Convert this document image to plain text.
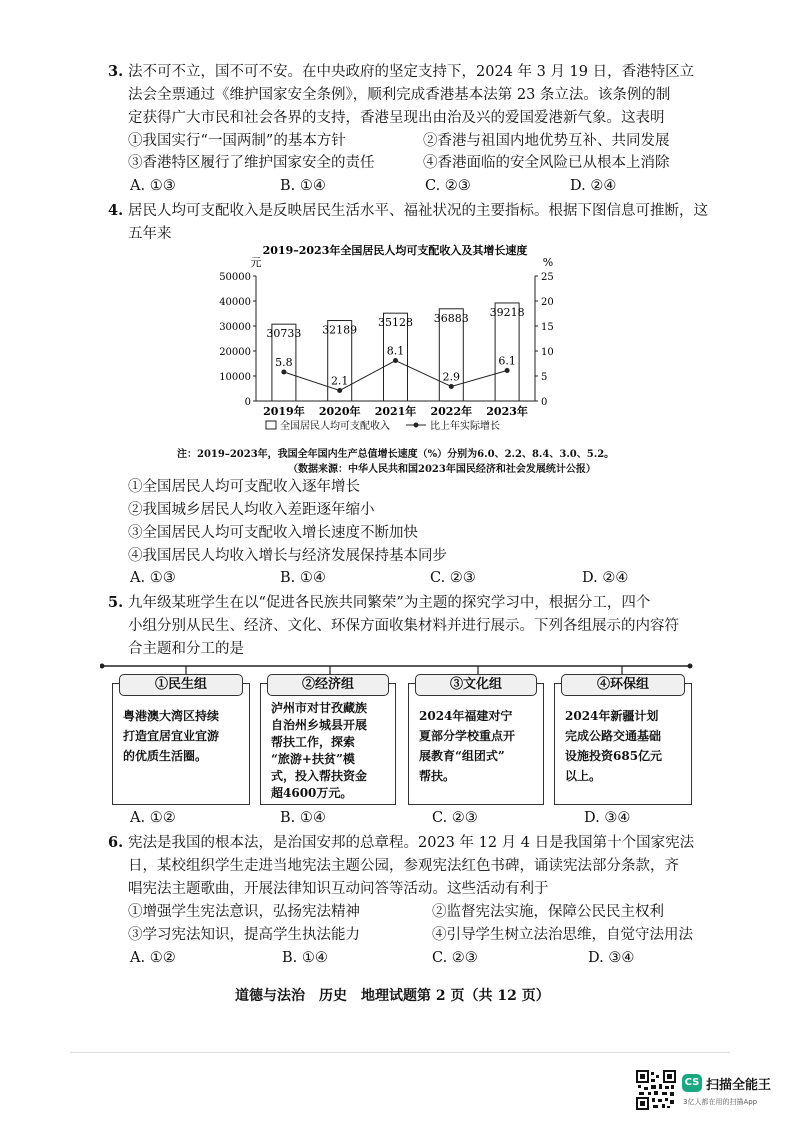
3. 法不可不立，国不可不安。在中央政府的坚定支持下，2024 年 3 月 19 日，香港特区立
法会全票通过《维护国家安全条例》，顺利完成香港基本法第 23 条立法。该条例的制
定获得广大市民和社会各界的支持，香港呈现出由治及兴的爱国爱港新气象。这表明
①我国实行“一国两制”的基本方针	②香港与祖国内地优势互补、共同发展
③香港特区履行了维护国家安全的责任	④香港面临的安全风险已从根本上消除
A. ①③	B. ①④	C. ②③	D. ②④
4. 居民人均可支配收入是反映居民生活水平、福祉状况的主要指标。根据下图信息可推断，这
五年来
2019–2023年全国居民人均可支配收入及其增长速度
元	%
0
10000
20000
30000
40000
50000
0
5
10
15
20
25
30733 32189
35128 36883 39218
5.8
2.1
8.1
2.9
6.1
2019年 2020年 2021年 2022年 2023年
全国居民人均可支配收入	比上年实际增长
注：2019–2023年，我国全年国内生产总值增长速度（%）分别为6.0、2.2、8.4、3.0、5.2。
（数据来源：中华人民共和国2023年国民经济和社会发展统计公报）
①全国居民人均可支配收入逐年增长
②我国城乡居民人均收入差距逐年缩小
③全国居民人均可支配收入增长速度不断加快
④我国居民人均收入增长与经济发展保持基本同步
A. ①③	B. ①④	C. ②③	D. ②④
5. 九年级某班学生在以“促进各民族共同繁荣”为主题的探究学习中，根据分工，四个
小组分别从民生、经济、文化、环保方面收集材料并进行展示。下列各组展示的内容符
合主题和分工的是
①民生组
粤港澳大湾区持续
打造宜居宜业宜游
的优质生活圈。
②经济组
泸州市对甘孜藏族
自治州乡城县开展
帮扶工作，探索
“旅游+扶贫”模
式，投入帮扶资金
超4600万元。
③文化组
2024年福建对宁
夏部分学校重点开
展教育“组团式”
帮扶。
④环保组
2024年新疆计划
完成公路交通基础
设施投资685亿元
以上。
A. ①②	B. ①④	C. ②③	D. ③④
6. 宪法是我国的根本法，是治国安邦的总章程。2023 年 12 月 4 日是我国第十个国家宪法
日，某校组织学生走进当地宪法主题公园，参观宪法红色书碑，诵读宪法部分条款，齐
唱宪法主题歌曲，开展法律知识互动问答等活动。这些活动有利于
①增强学生宪法意识，弘扬宪法精神	②监督宪法实施，保障公民民主权利
③学习宪法知识，提高学生执法能力	④引导学生树立法治思维，自觉守法用法
A. ①②	B. ①④	C. ②③	D. ③④
道德与法治　历史　地理试题第 2 页（共 12 页）
CS 扫描全能王
3亿人都在用的扫描App
